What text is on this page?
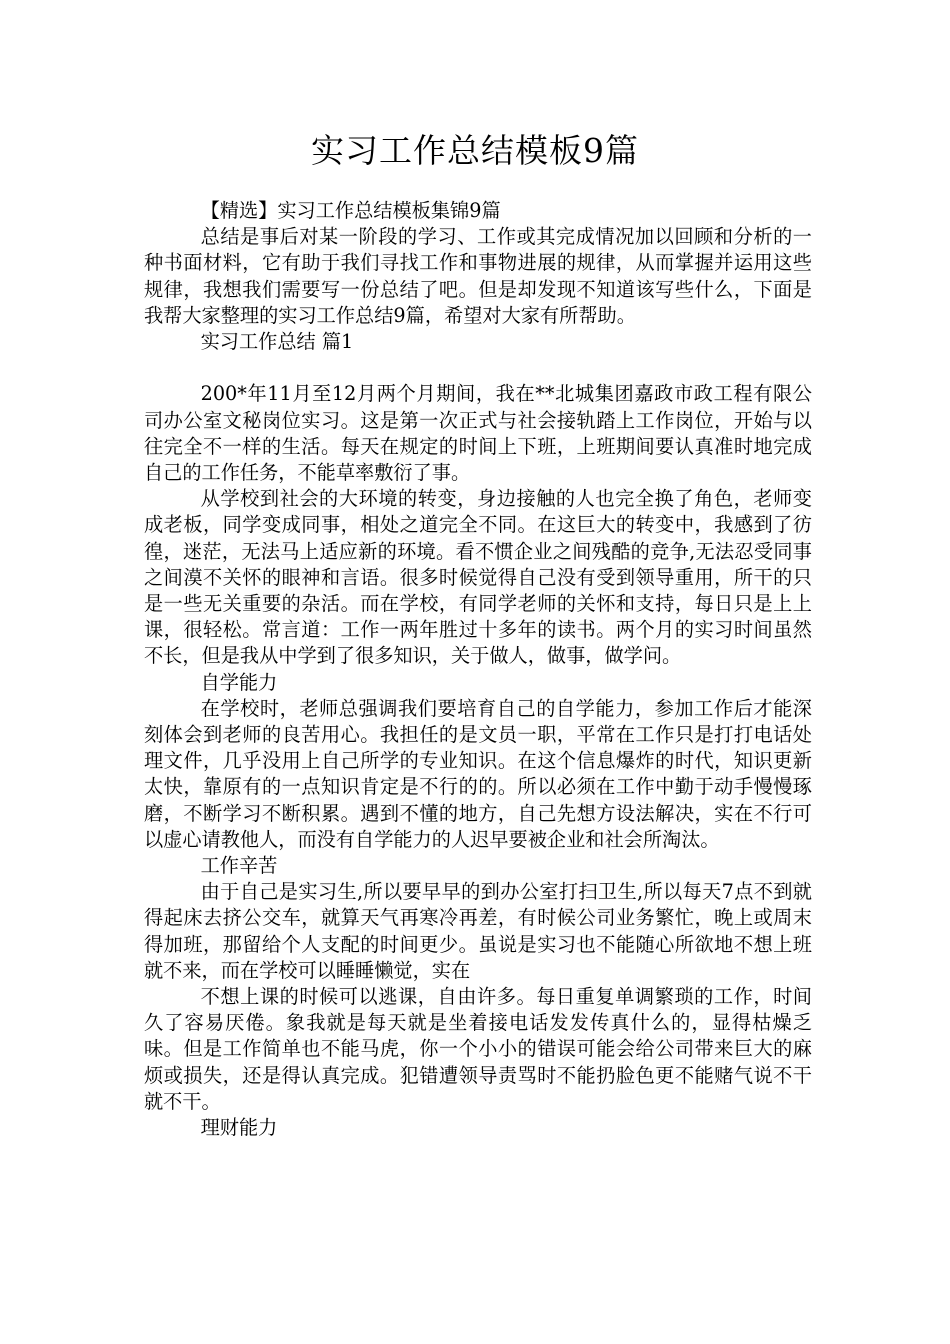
实习工作总结模板9篇

【精选】实习工作总结模板集锦9篇

总结是事后对某一阶段的学习、工作或其完成情况加以回顾和分析的一种书面材料，它有助于我们寻找工作和事物进展的规律，从而掌握并运用这些规律，我想我们需要写一份总结了吧。但是却发现不知道该写些什么，下面是我帮大家整理的实习工作总结9篇，希望对大家有所帮助。

实习工作总结 篇1

200*年11月至12月两个月期间，我在**北城集团嘉政市政工程有限公司办公室文秘岗位实习。这是第一次正式与社会接轨踏上工作岗位，开始与以往完全不一样的生活。每天在规定的时间上下班，上班期间要认真准时地完成自己的工作任务，不能草率敷衍了事。

从学校到社会的大环境的转变，身边接触的人也完全换了角色，老师变成老板，同学变成同事，相处之道完全不同。在这巨大的转变中，我感到了彷徨，迷茫，无法马上适应新的环境。看不惯企业之间残酷的竞争,无法忍受同事之间漠不关怀的眼神和言语。很多时候觉得自己没有受到领导重用，所干的只是一些无关重要的杂活。而在学校，有同学老师的关怀和支持，每日只是上上课，很轻松。常言道：工作一两年胜过十多年的读书。两个月的实习时间虽然不长，但是我从中学到了很多知识，关于做人，做事，做学问。

自学能力

在学校时，老师总强调我们要培育自己的自学能力，参加工作后才能深刻体会到老师的良苦用心。我担任的是文员一职，平常在工作只是打打电话处理文件，几乎没用上自己所学的专业知识。在这个信息爆炸的时代，知识更新太快，靠原有的一点知识肯定是不行的的。所以必须在工作中勤于动手慢慢琢磨，不断学习不断积累。遇到不懂的地方，自己先想方设法解决，实在不行可以虚心请教他人，而没有自学能力的人迟早要被企业和社会所淘汰。

工作辛苦

由于自己是实习生,所以要早早的到办公室打扫卫生,所以每天7点不到就得起床去挤公交车，就算天气再寒冷再差，有时候公司业务繁忙，晚上或周末得加班，那留给个人支配的时间更少。虽说是实习也不能随心所欲地不想上班就不来，而在学校可以睡睡懒觉，实在

不想上课的时候可以逃课，自由许多。每日重复单调繁琐的工作，时间久了容易厌倦。象我就是每天就是坐着接电话发发传真什么的，显得枯燥乏味。但是工作简单也不能马虎，你一个小小的错误可能会给公司带来巨大的麻烦或损失，还是得认真完成。犯错遭领导责骂时不能扔脸色更不能赌气说不干就不干。

理财能力
